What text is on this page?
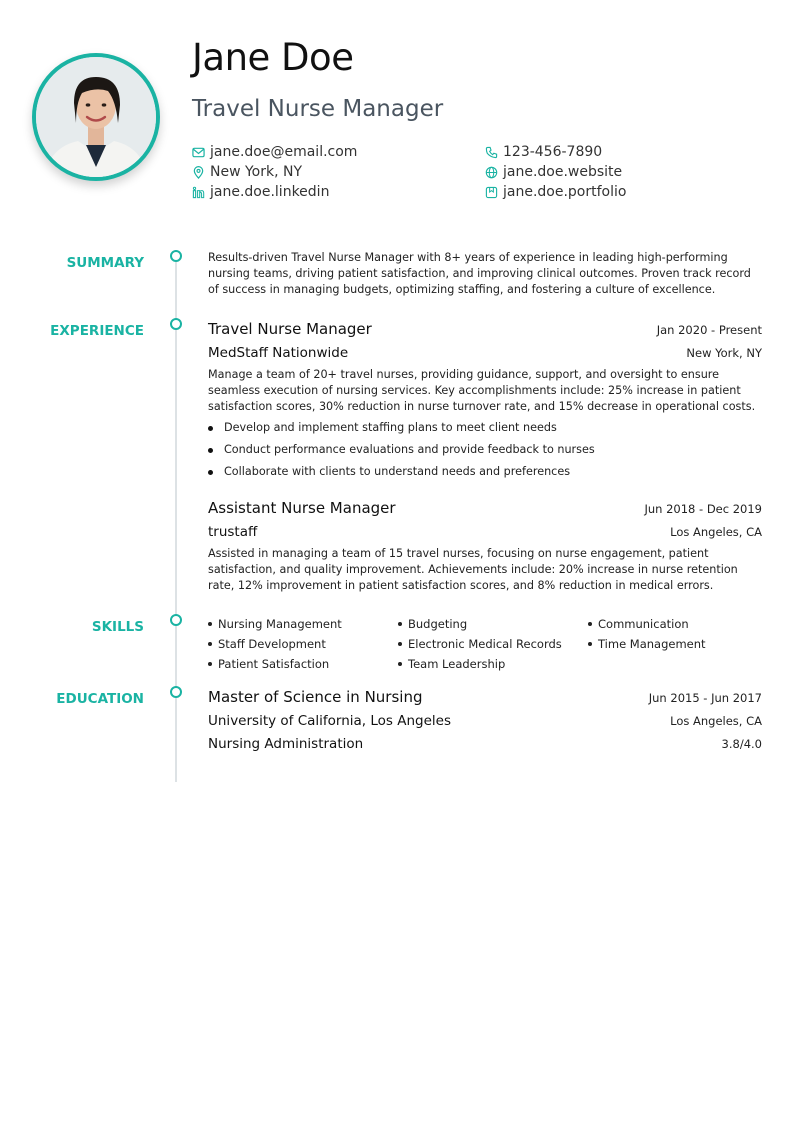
Jane Doe
Travel Nurse Manager
jane.doe@email.com	123-456-7890
New York, NY	jane.doe.website
jane.doe.linkedin	jane.doe.portfolio
SUMMARY	Results-driven Travel Nurse Manager with 8+ years of experience in leading high-performing nursing teams, driving patient satisfaction, and improving clinical outcomes. Proven track record of success in managing budgets, optimizing staffing, and fostering a culture of excellence.
EXPERIENCE	Travel Nurse Manager	Jan 2020 - Present
MedStaff Nationwide	New York, NY
Manage a team of 20+ travel nurses, providing guidance, support, and oversight to ensure seamless execution of nursing services. Key accomplishments include: 25% increase in patient satisfaction scores, 30% reduction in nurse turnover rate, and 15% decrease in operational costs.
Develop and implement staffing plans to meet client needs
Conduct performance evaluations and provide feedback to nurses
Collaborate with clients to understand needs and preferences
Assistant Nurse Manager	Jun 2018 - Dec 2019
trustaff	Los Angeles, CA
Assisted in managing a team of 15 travel nurses, focusing on nurse engagement, patient satisfaction, and quality improvement. Achievements include: 20% increase in nurse retention rate, 12% improvement in patient satisfaction scores, and 8% reduction in medical errors.
SKILLS	Nursing Management	Budgeting	Communication
Staff Development	Electronic Medical Records	Time Management
Patient Satisfaction	Team Leadership
EDUCATION	Master of Science in Nursing	Jun 2015 - Jun 2017
University of California, Los Angeles	Los Angeles, CA
Nursing Administration	3.8/4.0
